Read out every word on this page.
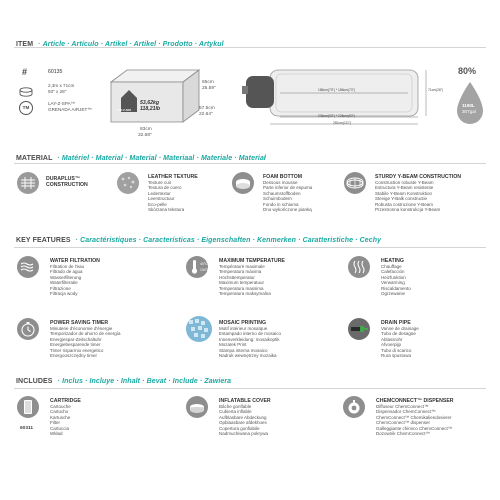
ITEM · Article · Artículo · Artikel · Artikel · Prodotto · Artykul
#	60135
2,3m x 71cm
93" x 28"
TM
LAY-Z-SPA™
GRENADA AIRJET™	LAY-Z-SPA
53,62kg
118,21lb
65cm
25.59"
57.5cm
22.64"
83cm
32.68"
186cm(73") * 186cm(73")
236cm(93") * 236cm(93")
281cm(111")
71cm(28")
80%
1160L
307gal
MATERIAL · Matériel · Material · Material · Materiaal · Materiale · Materiał
DURAPLUS™ CONSTRUCTION
LEATHER TEXTURE
Texture cuir
Textura de cuero
Ledertextur
Leerstructuur
Eco-pelle
Skórzana tekstura
FOAM BOTTOM
Dessous mousse
Parte inferior de espuma
Schaumstoffboden
Schuimbodem
Fondo in schiuma
Dno wykończone pianką
STURDY Y-BEAM CONSTRUCTION
Construction robuste Y-Beam
Estructura Y-Beam resistente
Stabile Y-Beam Konstruktion
Stevige Y-Balk constructie
Robusta costruzione Y-Beam
Przestronna konstrukcja Y-Beam
KEY FEATURES · Caractéristiques · Características · Eigenschaften · Kenmerken · Caratteristiche · Cechy
WATER FILTRATION
Filtration de l'eau
Filtrado de agua
Wasserfilterung
Waterfilteratie
Filtrazione
Filtracja wody
40°C
104°F
MAXIMUM TEMPERATURE
Température maximale
Temperatura máxima
Höchsttemperatur
Maximum temperatuur
Temperatura massima
Temperatura maksymalna
HEATING
Chauffage
Calefacción
Heizfunktion
Verwarming
Riscaldamento
Ogrzewanie
POWER SAVING TIMER
Minuterie d'économie d'énergie
Temporizador de ahorro de energía
Energiespar-Zeitschaltuhr
Energiebesparende timer
Timer risparmio energetico
Energooszczędny timer
MOSAIC PRINTING
Motif intérieur mosaïque
Estampado interno de mosaico
Innenverkleidung: mosaikoptik
Mozaïek Print
Stampa interna mosaico
Nadruk wewnętrzny mozaika
DRAIN PIPE
Vanne de drainage
Tubo de desagüe
Ablassrohr
Afvoerpijp
Tubo di scarico
Rura spustowa
INCLUDES · Inclus · Incluye · Inhalt · Bevat · Include · Zawiera
60311
CARTRIDGE
Cartouche
Cartucho
Kartusche
Filter
Cartuccia
Wkład
INFLATABLE COVER
Bâche gonflable
Cubierta inflable
Aufblasbare Abdeckung
Opblaasbare afdekhoes
Copertura gonfiabile
Nadmuchiwana pokrywa
CHEMCONNECT™ DISPENSER
Diffuseur ChemConnect™
Dispensador ChemConnect™
ChemConnect™ Chemikaliendosierer
ChemConnect™ dispenser
Galleggiante chimico ChemConnect™
Dozownik ChemConnect™
